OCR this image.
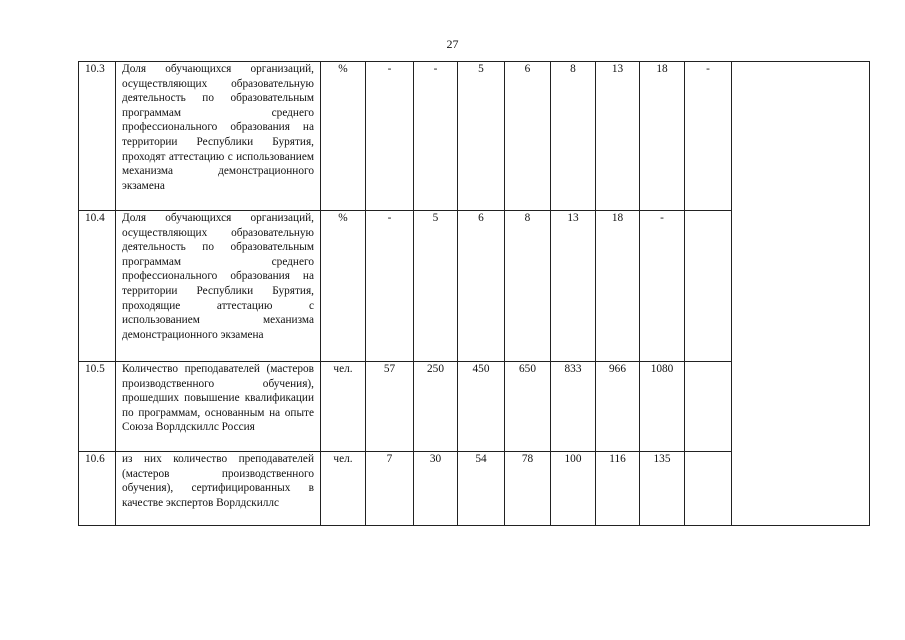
27
10.3	Доля обучающихся организаций, осуществляющих образовательную деятельность по образовательным программам среднего профессионального образования на территории Республики Бурятия, проходят аттестацию с использованием механизма демонстрационного экзамена	%	-	-	5	6	8	13	18	-	
10.4	Доля обучающихся организаций, осуществляющих образовательную деятельность по образовательным программам среднего профессионального образования на территории Республики Бурятия, проходящие аттестацию с использованием механизма демонстрационного экзамена	%	-	5	6	8	13	18	-		
10.5	Количество преподавателей (мастеров производственного обучения), прошедших повышение квалификации по программам, основанным на опыте Союза Ворлдскиллс Россия	чел.	57	250	450	650	833	966	1080		
10.6	из них количество преподавателей (мастеров производственного обучения), сертифицированных в качестве экспертов Ворлдскиллс	чел.	7	30	54	78	100	116	135		
